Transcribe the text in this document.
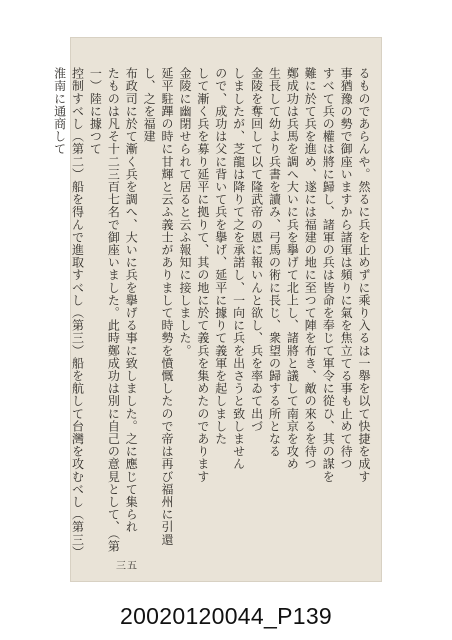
るものであらんや。然るに兵を止めずに乘り入るは一舉を以て快捷を成す

事猶豫の勢で御座いますから諸軍は頻りに氣を焦立てる事も止めて待つ

すべて兵の權は將に歸し、諸軍の兵は皆命を奉じて軍令に從ひ、其の謀を

難に於て兵を進め、遂には福建の地に至つて陣を布き、敵の來るを待つ

鄭成功は兵馬を調へ大いに兵を擧げて北上し、諸將と議して南京を攻め

生長して幼より兵書を讀み、弓馬の術に長じ、衆望の歸する所となる

金陵を奪回して以て隆武帝の恩に報いんと欲し、兵を率ゐて出づ

しましたが、芝龍は降りて之を承諾し、一向に兵を出さうと致しません

ので、成功は父に背いて兵を擧げ、延平に據りて義軍を起しました

して漸く兵を募り延平に拠りて、其の地に於て義兵を集めたのであります

金陵に幽閉せられて居ると云ふ報知に接しました。

延平駐蹕の時に甘輝と云ふ義士がありまして時勢を憤慨したので帝は再び福州に引還し、之を福建

布政司に於て漸く兵を調へ、大いに兵を擧げる事に致しました。之に應じて集られ

たものは凡そ十二三百七名で御座いました。此時鄭成功は別に自己の意見として、（第一）陸に據つて

控制すべし（第二）船を得んで進取すべし（第三）船を航して台灣を攻むべし（第三）淮南に通商して

三五
20020120044_P139
